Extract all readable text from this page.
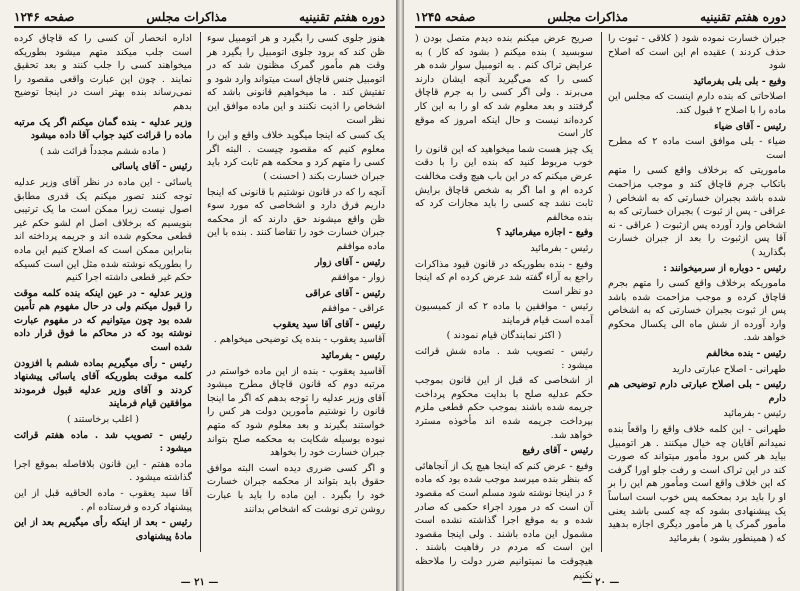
دوره هفتم تقنینیه
مذاکرات مجلس
صفحه ۱۲۴۵

جبران خسارت نموده شود ( کلاقی - ثبوت را حذف کردند ) عقیده ام این است که اصلاح شود

وفیع - بلی بلی بفرمائید

اصلاحاتی که بنده دارم اینست که مجلس این ماده را با اصلاح ۲ قبول کند.

رئیس - آقای ضیاء

ضیاء - بلی موافق است ماده ۲ که مطرح است

ماموریتی که برخلاف واقع کسی را متهم باتکاب جرم قاچاق کند و موجب مزاحمت شده باشد بجبران خسارتی که به اشخاص ( عراقی - پس از ثبوت ) بجبران خسارتی که به اشخاص وارد آورده پس ازثبوت ( عراقی - نه آقا پس ازثبوت را بعد از جبران خسارت بگذارید )

رئیس - دوباره از سرمیخوانند :

ماموریکه برخلاف واقع کسی را متهم بجرم قاچاق کرده و موجب مزاحمت شده باشد پس از ثبوت بجبران خسارتی که به اشخاص وارد آورده از شش ماه الی یکسال محکوم خواهد شد.

رئیس - بنده مخالفم

طهرانی - اصلاح عبارتی دارید

رئیس - بلی اصلاح عبارتی دارم توضیحی هم دارم

رئیس - بفرمائید

طهرانی - این کلمه خلاف واقع را واقعاً بنده نمیدانم آقایان چه خیال میکنند . هر اتومبیل بیاید هر کس برود مأمور میتواند که صورت کند در این تراک است و رفت جلو اورا گرفت که این خلاف واقع است ومأمور هم این را بر او را باید برد بمحکمه پس خوب است اساساً یک پیشنهادی بشود که چه کسی باشد یعنی مأمور گمرک یا هر مأمور دیگری اجازه بدهید که ( همینطور بشود ) بفرمائید

صریح عرض میکنم بنده دیدم متصل بودن ( سوبسید ) بنده میکنم ( بشود که کار ) به عرایض تراک کنم . به اتومبیل سوار شده هر کسی را که می‌گیرید آنچه ایشان دارند می‌برند . ولی اگر کسی را به جرم قاچاق گرفتند و بعد معلوم شد که او را به این کار کرده‌اند نیست و حال اینکه امروز که موقع کار است

یک چیز هست شما میخواهید که این قانون را خوب مربوط کنید که بنده این را با دقت عرض میکنم که در این باب هیچ وقت مخالفت کرده ام و اما اگر به شخص قاچاق برایش ثابت نشد چه کسی را باید مجازات کرد که بنده مخالفم

وفیع - اجازه میفرمائید ؟

رئیس - بفرمائید

وفیع - بنده بطوریکه در قانون قیود مذاکرات راجع به آراء گفته شد عرض کرده ام که اینجا دو نظر است

رئیس - موافقین با ماده ۲ که از کمیسیون آمده است قیام فرمایند

( اکثر نمایندگان قیام نمودند )

رئیس - تصویب شد . ماده شش قرائت میشود :

از اشخاصی که قبل از این قانون بموجب حکم عدلیه صلح با بدایت محکوم پرداخت جریمه شده باشند بموجب حکم قطعی ملزم بپرداخت جریمه شده اند مأخوذه مسترد خواهد شد.

رئیس - آقای رفیع

وفیع - عرض کنم که اینجا هیچ یک از آنجاهائی که بنظر بنده میرسد موجب شده بود که ماده ۶ در اینجا نوشته شود مسلم است که مقصود آن است که در مورد اجراء حکمی که صادر شده و به موقع اجرا گذاشته نشده است مشمول این ماده باشند . ولی اینجا مقصود این است که مردم در رفاهیت باشند . هیچوقت ما نمیتوانیم ضرر دولت را ملاحظه نکنیم

— ۲۰ —
دوره هفتم تقنینیه
مذاکرات مجلس
صفحه ۱۲۴۶

هنوز جلوی کسی را بگیرد و هر اتومبیل سوء ظن کند که برود جلوی اتومبیل را بگیرد هر وقت هم مأمور گمرک مظنون شد که در اتومبیل جنس قاچاق است میتواند وارد شود و تفتیش کند . ما میخواهیم قانونی باشد که اشخاص را اذیت نکنند و این ماده موافق این نظر است

یک کسی که اینجا میگوید خلاف واقع و این را معلوم کنیم که مقصود چیست . البته اگر کسی را متهم کرد و محکمه هم ثابت کرد باید جبران خسارت بکند ( احسنت )

آنچه را که در قانون نوشتیم با قانونی که اینجا داریم فرق دارد و اشخاصی که مورد سوء ظن واقع میشوند حق دارند که از محکمه جبران خسارت خود را تقاضا کنند . بنده با این ماده موافقم

رئیس - آقای زوار

زوار - موافقم

رئیس - آقای عراقی

عراقی - موافقم

رئیس - آقای آقا سید یعقوب

آقاسید یعقوب - بنده یک توضیحی میخواهم .

رئیس - بفرمائید

آقاسید یعقوب - بنده از این ماده خواستم در مرتبه دوم که قانون قاچاق مطرح میشود آقای وزیر عدلیه را توجه بدهم که اگر ما اینجا قانون را نوشتیم مأمورین دولت هر کس را خواستند بگیرند و بعد معلوم شود که متهم نبوده بوسیله شکایت به محکمه صلح بتواند جبران خسارت خود را بخواهد

و اگر کسی ضرری دیده است البته موافق حقوق باید بتواند از محکمه جبران خسارت خود را بگیرد . این ماده را باید با عبارت روشن تری نوشت که اشخاص بدانند

اداره انحصار آن کسی را که قاچاق کرده است جلب میکند متهم میشود بطوریکه میخواهند کسی را جلب کنند و بعد تحقیق نمایند . چون این عبارت واقعی مقصود را نمی‌رساند بنده بهتر است در اینجا توضیح بدهم

وزیر عدلیه - بنده گمان میکنم اگر یک مرتبه ماده را قرائت کنید جواب آقا داده میشود

( ماده ششم مجدداً قرائت شد )

رئیس - آقای یاسائی

یاسائی - این ماده در نظر آقای وزیر عدلیه توجه کنند تصور میکنم یک قدری مطابق اصول نیست زیرا ممکن است ما یک ترتیبی بنویسیم که برخلاف اصل ام لشو حکم غیر قطعی محکوم شده اند و جریمه پرداخته اند بنابراین ممکن است که اصلاح کنیم این ماده را بطوریکه نوشته شده مثل این است کسیکه حکم غیر قطعی داشته اجرا کنیم

وزیر عدلیه - در عین اینکه بنده کلمه موقت را قبول میکنم ولی در حال مفهوم هم تأمین شده بود چون میتوانیم که در مفهوم عبارت نوشته بود که در محاکم ما فوق قرار داده شده است

رئیس - رأی میگیریم بماده ششم با افزودن کلمه موقت بطوریکه آقای یاسائی پیشنهاد کردند و آقای وزیر عدلیه قبول فرمودند موافقین قیام فرمایند

( اغلب برخاستند )

رئیس - تصویب شد . ماده هفتم قرائت میشود :

ماده هفتم - این قانون بلافاصله بموقع اجرا گذاشته میشود .

آقا سید یعقوب - ماده الحاقیه قبل از این پیشنهاد کرده و فرستاده ام .

رئیس - بعد از اینکه رأی میگیریم بعد از این مادهٔ پیشنهادی

— ۲۱ —
